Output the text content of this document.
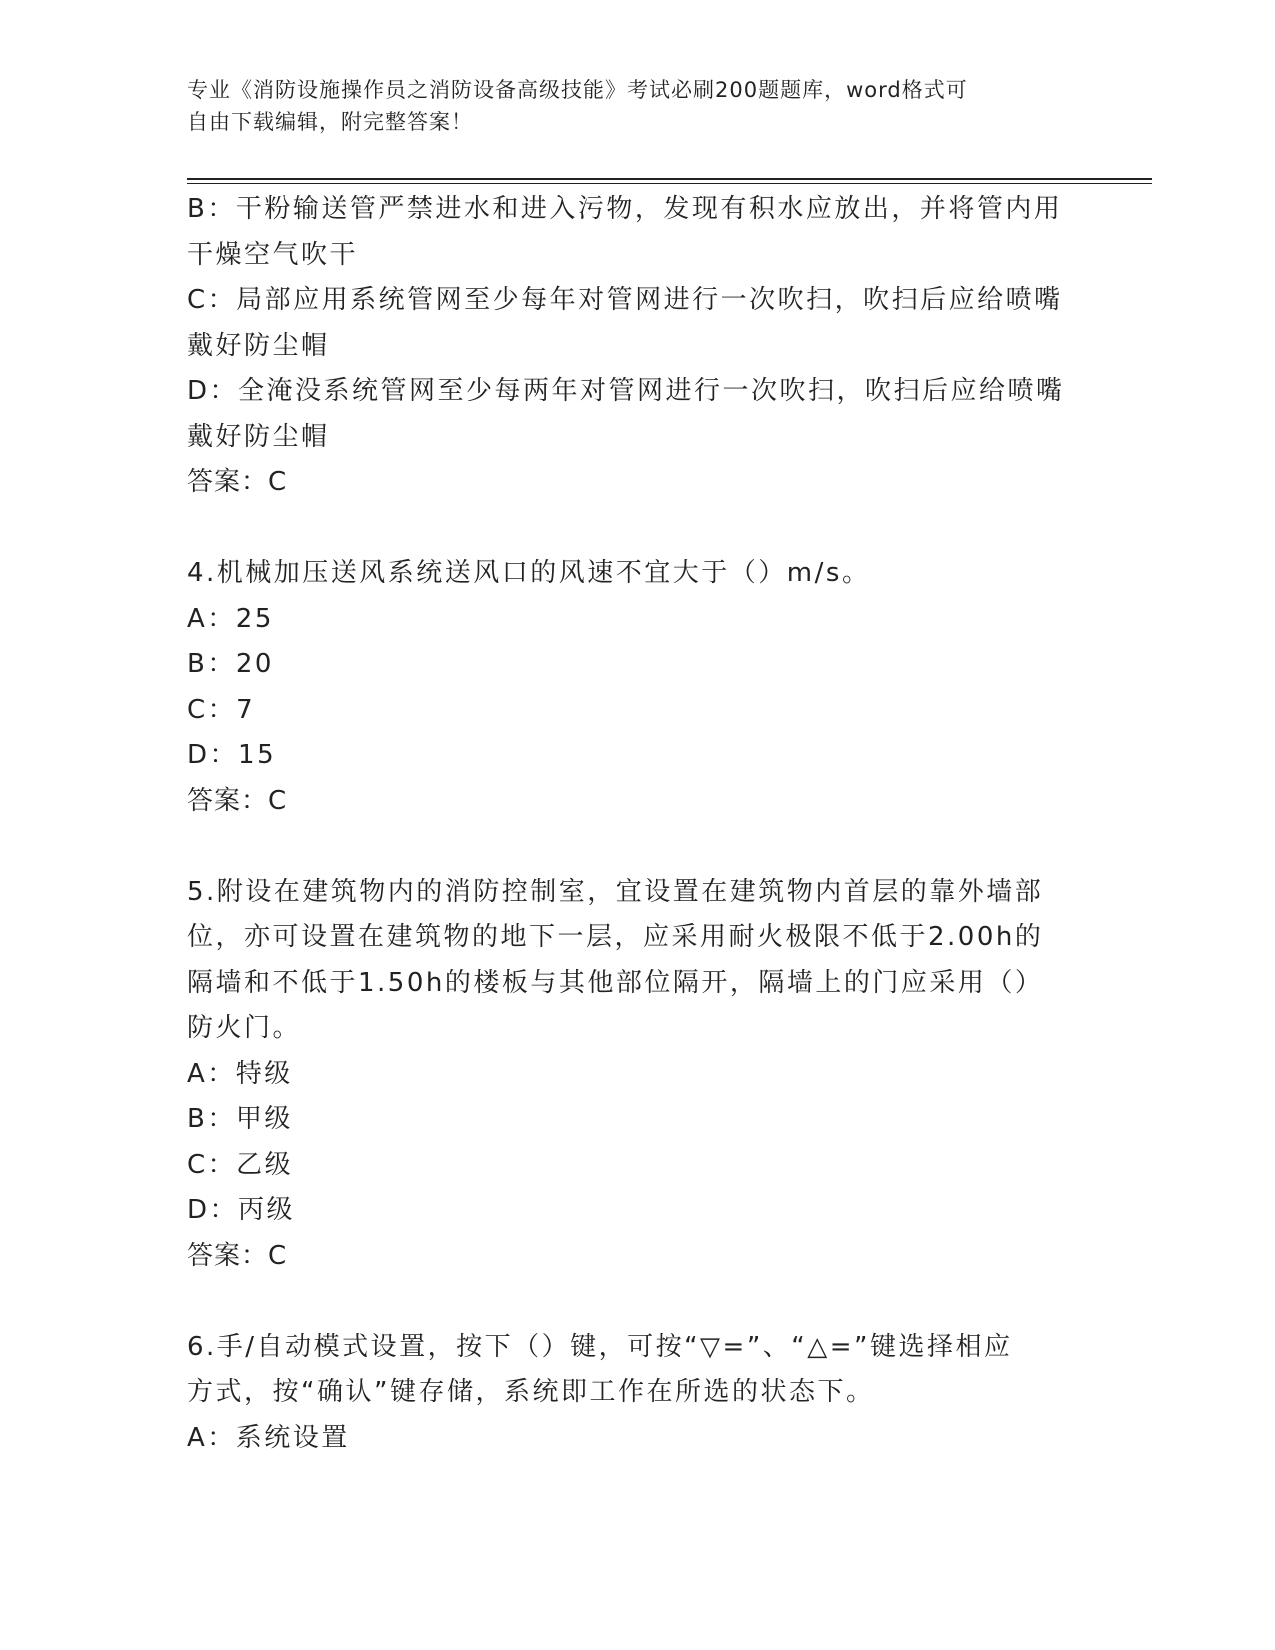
专业《消防设施操作员之消防设备高级技能》考试必刷200题题库，word格式可
自由下载编辑，附完整答案！

B：干粉输送管严禁进水和进入污物，发现有积水应放出，并将管内用

干燥空气吹干

C：局部应用系统管网至少每年对管网进行一次吹扫，吹扫后应给喷嘴

戴好防尘帽

D：全淹没系统管网至少每两年对管网进行一次吹扫，吹扫后应给喷嘴

戴好防尘帽

答案：C

4.机械加压送风系统送风口的风速不宜大于（）m/s。

A：25

B：20

C：7

D：15

答案：C

5.附设在建筑物内的消防控制室，宜设置在建筑物内首层的靠外墙部

位，亦可设置在建筑物的地下一层，应采用耐火极限不低于2.00h的

隔墙和不低于1.50h的楼板与其他部位隔开，隔墙上的门应采用（）

防火门。

A：特级

B：甲级

C：乙级

D：丙级

答案：C

6.手/自动模式设置，按下（）键，可按“▽=”、“△=”键选择相应

方式，按“确认”键存储，系统即工作在所选的状态下。

A：系统设置
